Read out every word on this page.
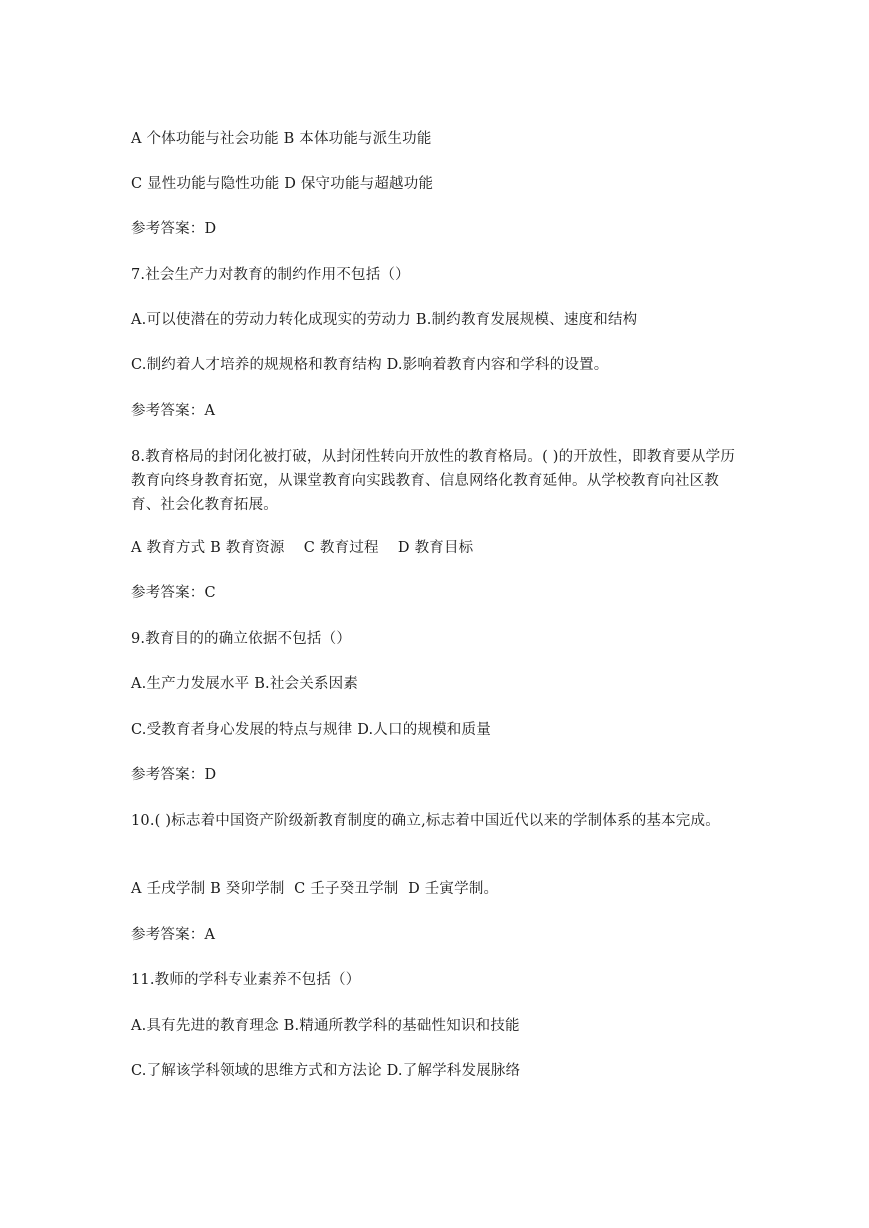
A 个体功能与社会功能 B 本体功能与派生功能
C 显性功能与隐性功能 D 保守功能与超越功能
参考答案：D
7.社会生产力对教育的制约作用不包括（）
A.可以使潜在的劳动力转化成现实的劳动力 B.制约教育发展规模、速度和结构
C.制约着人才培养的规规格和教育结构 D.影响着教育内容和学科的设置。
参考答案：A
8.教育格局的封闭化被打破，从封闭性转向开放性的教育格局。( )的开放性，即教育要从学历教育向终身教育拓宽，从课堂教育向实践教育、信息网络化教育延伸。从学校教育向社区教育、社会化教育拓展。
A 教育方式 B 教育资源    C 教育过程    D 教育目标
参考答案：C
9.教育目的的确立依据不包括（）
A.生产力发展水平 B.社会关系因素
C.受教育者身心发展的特点与规律 D.人口的规模和质量
参考答案：D
10.( )标志着中国资产阶级新教育制度的确立,标志着中国近代以来的学制体系的基本完成。
A 壬戌学制 B 癸卯学制  C 壬子癸丑学制  D 壬寅学制。
参考答案：A
11.教师的学科专业素养不包括（）
A.具有先进的教育理念 B.精通所教学科的基础性知识和技能
C.了解该学科领域的思维方式和方法论 D.了解学科发展脉络
